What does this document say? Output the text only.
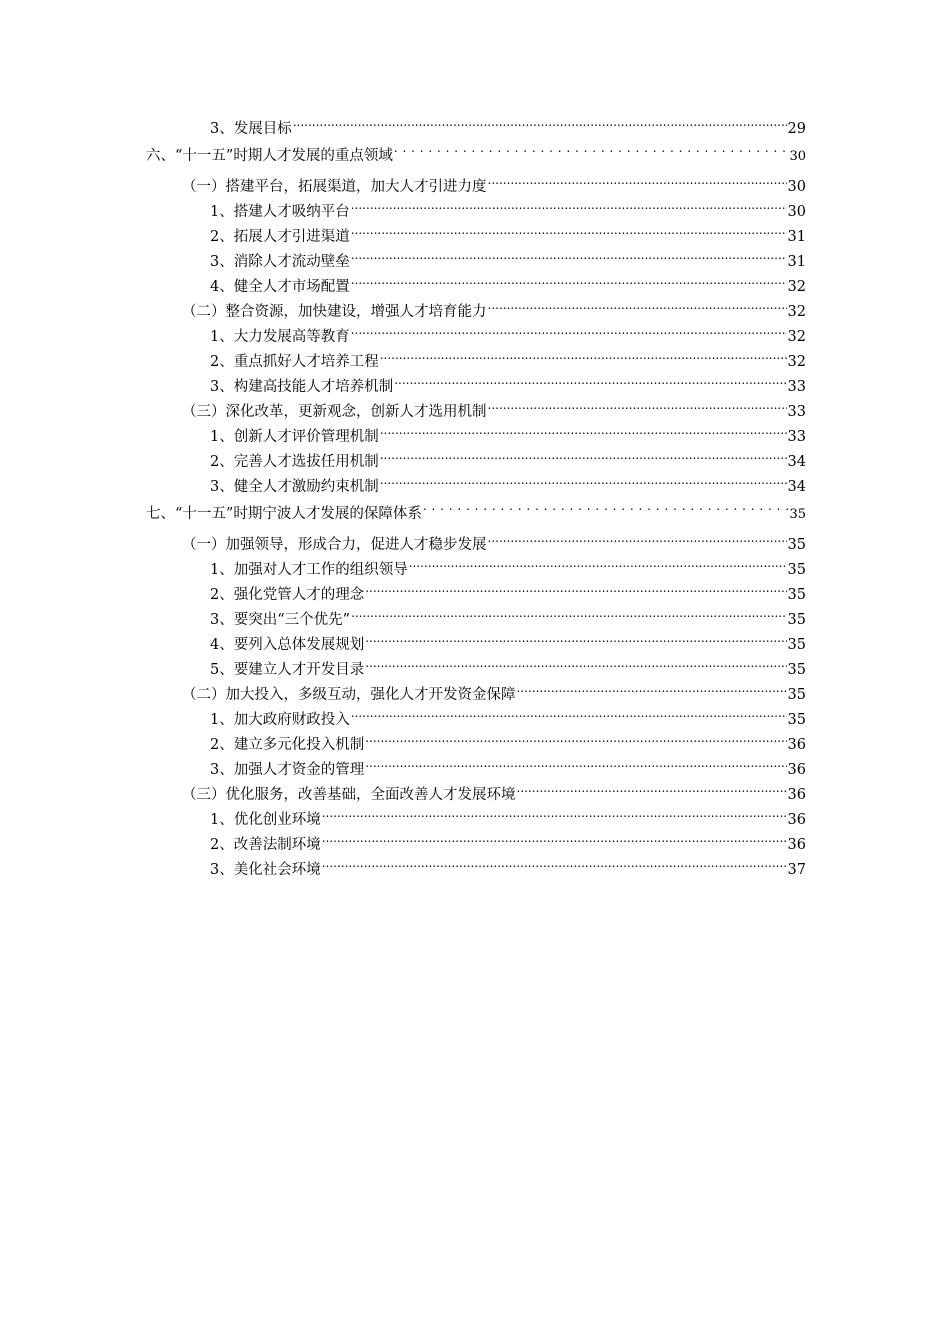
3、发展目标 .....	29
六、“十一五”时期人才发展的重点领域 . . .	30
（一）搭建平台，拓展渠道，加大人才引进力度 .....	30
1、搭建人才吸纳平台 .....	30
2、拓展人才引进渠道 .....	31
3、消除人才流动壁垒 .....	31
4、健全人才市场配置 .....	32
（二）整合资源，加快建设，增强人才培育能力 .....	32
1、大力发展高等教育 .....	32
2、重点抓好人才培养工程 .....	32
3、构建高技能人才培养机制 .....	33
（三）深化改革，更新观念，创新人才选用机制 .....	33
1、创新人才评价管理机制 .....	33
2、完善人才选拔任用机制 .....	34
3、健全人才激励约束机制 .....	34
七、“十一五”时期宁波人才发展的保障体系 . . .	35
（一）加强领导，形成合力，促进人才稳步发展 .....	35
1、加强对人才工作的组织领导 .....	35
2、强化党管人才的理念 .....	35
3、要突出“三个优先” .....	35
4、要列入总体发展规划 .....	35
5、要建立人才开发目录 .....	35
（二）加大投入，多级互动，强化人才开发资金保障 .....	35
1、加大政府财政投入 .....	35
2、建立多元化投入机制 .....	36
3、加强人才资金的管理 .....	36
（三）优化服务，改善基础，全面改善人才发展环境 .....	36
1、优化创业环境 .....	36
2、改善法制环境 .....	36
3、美化社会环境 .....	37
